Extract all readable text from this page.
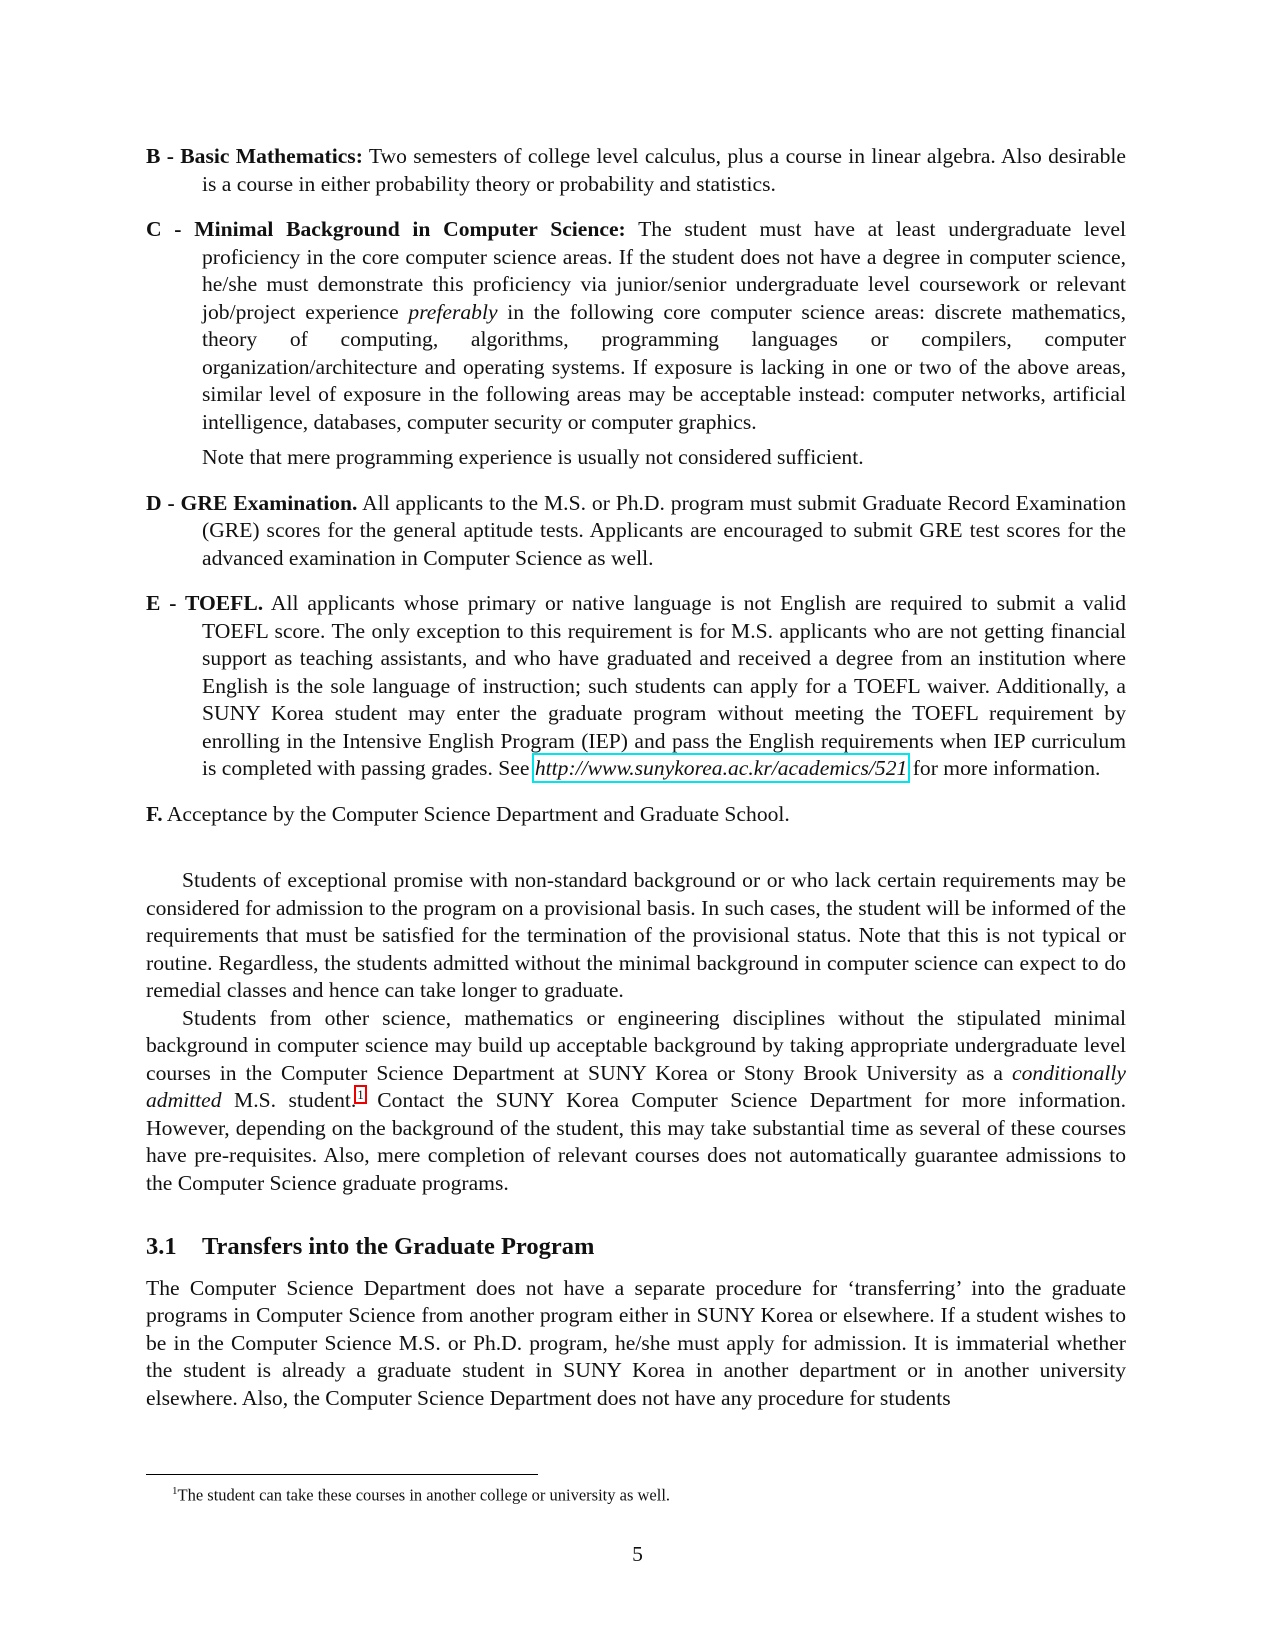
B - Basic Mathematics: Two semesters of college level calculus, plus a course in linear algebra. Also desirable is a course in either probability theory or probability and statistics.

C - Minimal Background in Computer Science: The student must have at least undergraduate level proficiency in the core computer science areas. If the student does not have a degree in computer science, he/she must demonstrate this proficiency via junior/senior undergraduate level coursework or relevant job/project experience preferably in the following core computer science areas: discrete mathematics, theory of computing, algorithms, programming languages or compilers, computer organization/architecture and operating systems. If exposure is lacking in one or two of the above areas, similar level of exposure in the following areas may be acceptable instead: computer networks, artificial intelligence, databases, computer security or computer graphics.

Note that mere programming experience is usually not considered sufficient.

D - GRE Examination. All applicants to the M.S. or Ph.D. program must submit Graduate Record Examination (GRE) scores for the general aptitude tests. Applicants are encouraged to submit GRE test scores for the advanced examination in Computer Science as well.

E - TOEFL. All applicants whose primary or native language is not English are required to submit a valid TOEFL score. The only exception to this requirement is for M.S. applicants who are not getting financial support as teaching assistants, and who have graduated and received a degree from an institution where English is the sole language of instruction; such students can apply for a TOEFL waiver. Additionally, a SUNY Korea student may enter the graduate program without meeting the TOEFL requirement by enrolling in the Intensive English Program (IEP) and pass the English requirements when IEP curriculum is completed with passing grades. See http://www.sunykorea.ac.kr/academics/521 for more information.

F. Acceptance by the Computer Science Department and Graduate School.

Students of exceptional promise with non-standard background or or who lack certain requirements may be considered for admission to the program on a provisional basis. In such cases, the student will be informed of the requirements that must be satisfied for the termination of the provisional status. Note that this is not typical or routine. Regardless, the students admitted without the minimal background in computer science can expect to do remedial classes and hence can take longer to graduate.

Students from other science, mathematics or engineering disciplines without the stipulated minimal background in computer science may build up acceptable background by taking appropriate undergraduate level courses in the Computer Science Department at SUNY Korea or Stony Brook University as a conditionally admitted M.S. student.$^1$ Contact the SUNY Korea Computer Science Department for more information. However, depending on the background of the student, this may take substantial time as several of these courses have pre-requisites. Also, mere completion of relevant courses does not automatically guarantee admissions to the Computer Science graduate programs.

3.1 Transfers into the Graduate Program

The Computer Science Department does not have a separate procedure for ‘transferring’ into the graduate programs in Computer Science from another program either in SUNY Korea or elsewhere. If a student wishes to be in the Computer Science M.S. or Ph.D. program, he/she must apply for admission. It is immaterial whether the student is already a graduate student in SUNY Korea in another department or in another university elsewhere. Also, the Computer Science Department does not have any procedure for students

$^1$The student can take these courses in another college or university as well.
5
